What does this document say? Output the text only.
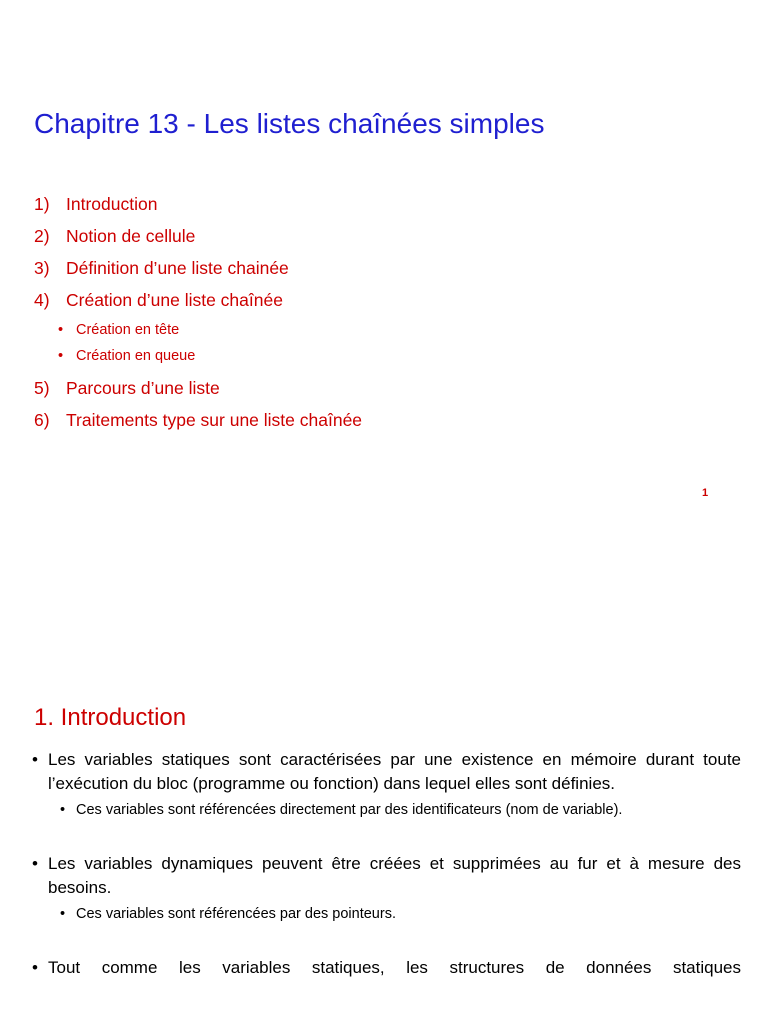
Chapitre 13 - Les listes chaînées simples
1) Introduction
2) Notion de cellule
3) Définition d’une liste chainée
4) Création d’une liste chaînée
• Création en tête
• Création en queue
5) Parcours d’une liste
6) Traitements type sur une liste chaînée
1
1. Introduction

• Les variables statiques sont caractérisées par une existence en mémoire durant toute l’exécution du bloc (programme ou fonction) dans lequel elles sont définies.

• Ces variables sont référencées directement par des identificateurs (nom de variable).

• Les variables dynamiques peuvent être créées et supprimées au fur et à mesure des besoins.

• Ces variables sont référencées par des pointeurs.

• Tout comme les variables statiques, les structures de données statiques
